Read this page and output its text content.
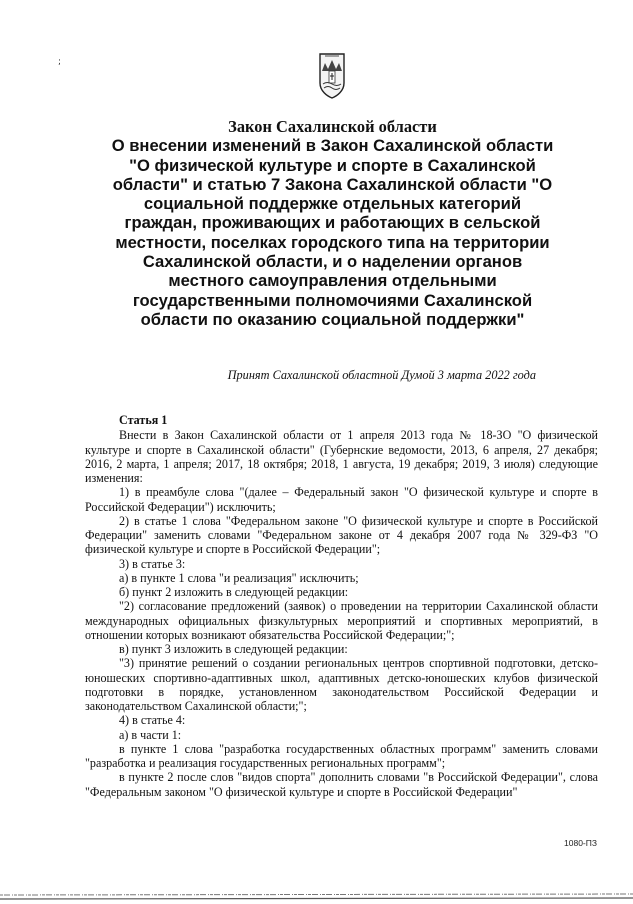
;
Закон Сахалинской области
О внесении изменений в Закон Сахалинской области "О физической культуре и спорте в Сахалинской области" и статью 7 Закона Сахалинской области "О социальной поддержке отдельных категорий граждан, проживающих и работающих в сельской местности, поселках городского типа на территории Сахалинской области, и о наделении органов местного самоуправления отдельными государственными полномочиями Сахалинской области по оказанию социальной поддержки"
Принят Сахалинской областной Думой 3 марта 2022 года

Статья 1

Внести в Закон Сахалинской области от 1 апреля 2013 года № 18-ЗО "О физической культуре и спорте в Сахалинской области" (Губернские ведомости, 2013, 6 апреля, 27 декабря; 2016, 2 марта, 1 апреля; 2017, 18 октября; 2018, 1 августа, 19 декабря; 2019, 3 июля) следующие изменения:

1) в преамбуле слова "(далее – Федеральный закон "О физической культуре и спорте в Российской Федерации") исключить;

2) в статье 1 слова "Федеральном законе "О физической культуре и спорте в Российской Федерации" заменить словами "Федеральном законе от 4 декабря 2007 года № 329-ФЗ "О физической культуре и спорте в Российской Федерации";

3) в статье 3:

а) в пункте 1 слова "и реализация" исключить;

б) пункт 2 изложить в следующей редакции:

"2) согласование предложений (заявок) о проведении на территории Сахалинской области международных официальных физкультурных мероприятий и спортивных мероприятий, в отношении которых возникают обязательства Российской Федерации;";

в) пункт 3 изложить в следующей редакции:

"3) принятие решений о создании региональных центров спортивной подготовки, детско-юношеских спортивно-адаптивных школ, адаптивных детско-юношеских клубов физической подготовки в порядке, установленном законодательством Российской Федерации и законодательством Сахалинской области;";

4) в статье 4:

а) в части 1:

в пункте 1 слова "разработка государственных областных программ" заменить словами "разработка и реализация государственных региональных программ";

в пункте 2 после слов "видов спорта" дополнить словами "в Российской Федерации", слова "Федеральным законом "О физической культуре и спорте в Российской Федерации"

1080-ПЗ
